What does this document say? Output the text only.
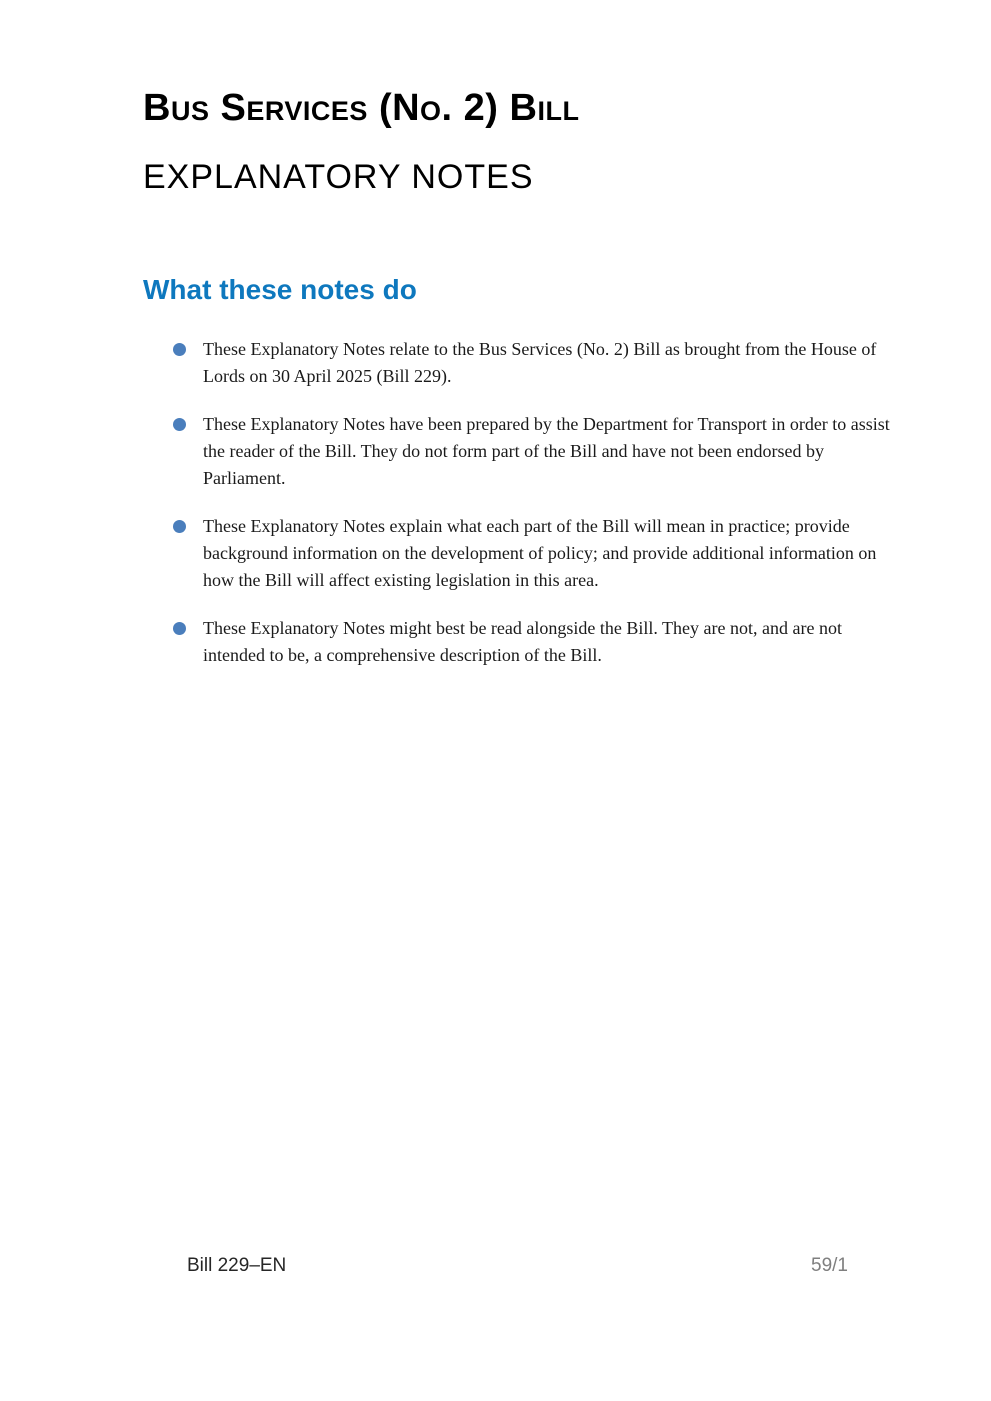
Bus Services (No. 2) Bill
EXPLANATORY NOTES
What these notes do
These Explanatory Notes relate to the Bus Services (No. 2) Bill as brought from the House of Lords on 30 April 2025 (Bill 229).
These Explanatory Notes have been prepared by the Department for Transport in order to assist the reader of the Bill. They do not form part of the Bill and have not been endorsed by Parliament.
These Explanatory Notes explain what each part of the Bill will mean in practice; provide background information on the development of policy; and provide additional information on how the Bill will affect existing legislation in this area.
These Explanatory Notes might best be read alongside the Bill. They are not, and are not intended to be, a comprehensive description of the Bill.
Bill 229–EN	59/1
